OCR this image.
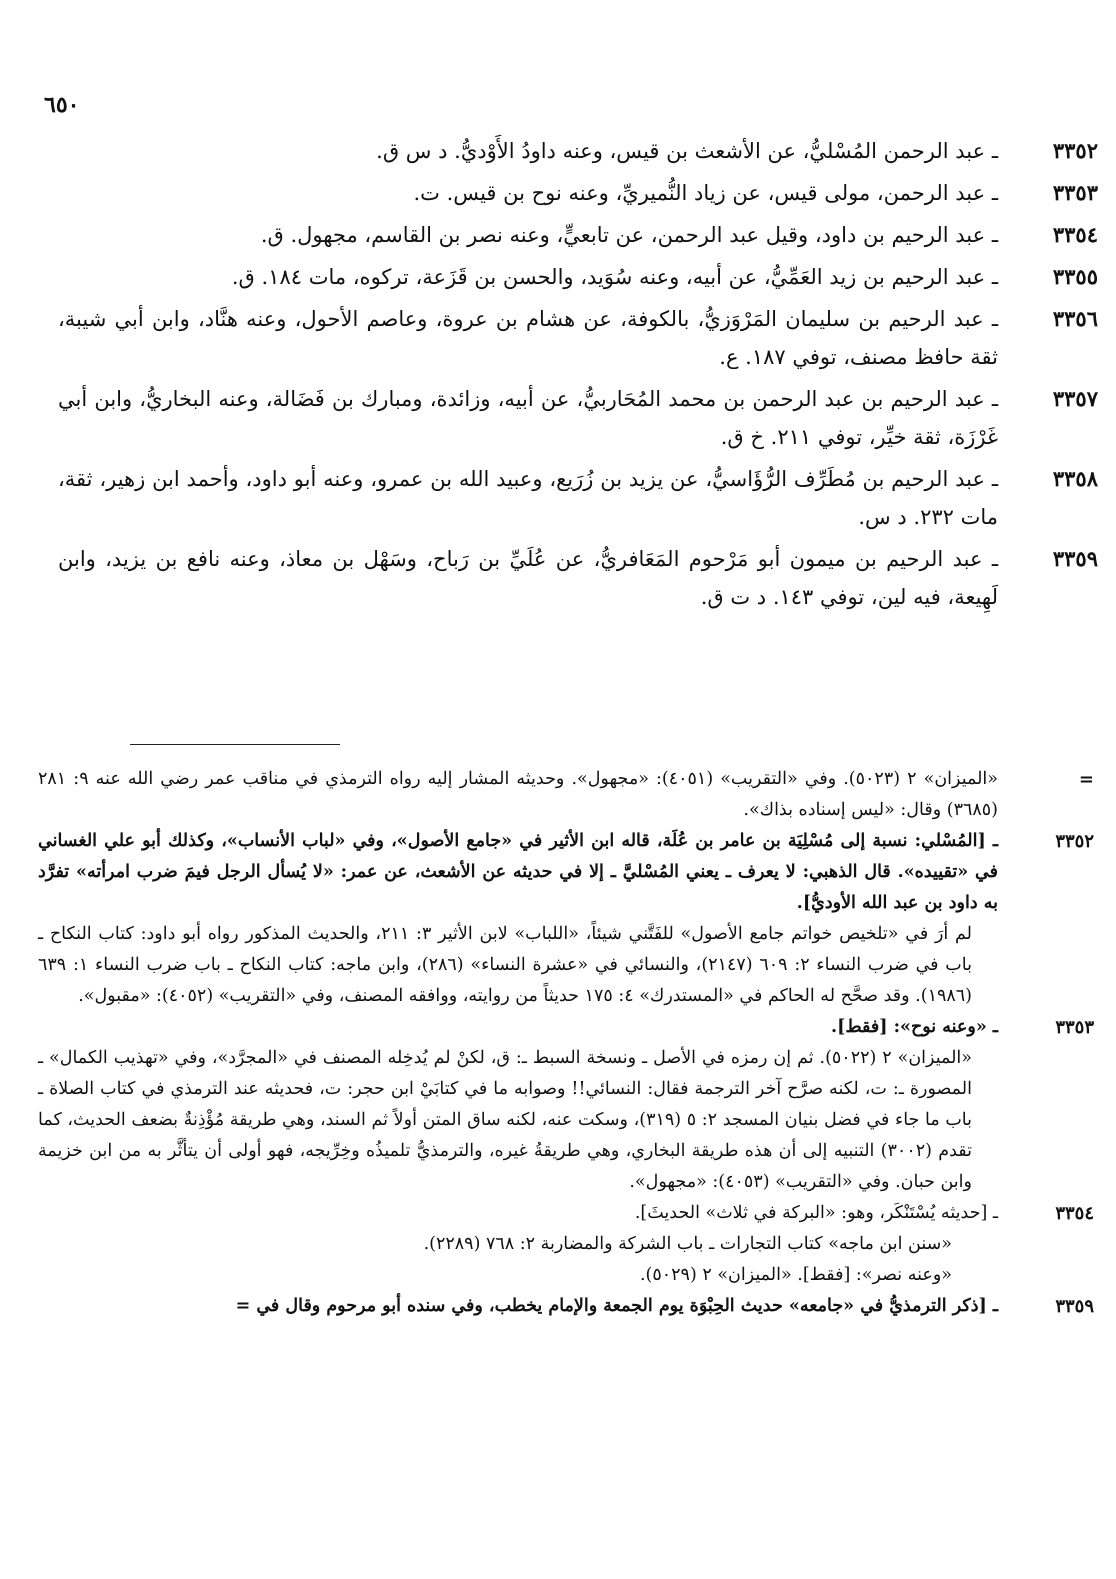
٦٥٠
٣٣٥٢
ـ عبد الرحمن المُسْليُّ، عن الأشعث بن قيس، وعنه داودُ الأَوْديُّ. د س ق.
٣٣٥٣
ـ عبد الرحمن، مولى قيس، عن زياد النُّميريِّ، وعنه نوح بن قيس. ت.
٣٣٥٤
ـ عبد الرحيم بن داود، وقيل عبد الرحمن، عن تابعيٍّ، وعنه نصر بن القاسم، مجهول. ق.
٣٣٥٥
ـ عبد الرحيم بن زيد العَمِّيُّ، عن أبيه، وعنه سُوَيد، والحسن بن قَزَعة، تركوه، مات ١٨٤. ق.
٣٣٥٦
ـ عبد الرحيم بن سليمان المَرْوَزيُّ، بالكوفة، عن هشام بن عروة، وعاصم الأحول، وعنه هنَّاد، وابن أبي شيبة، ثقة حافظ مصنف، توفي ١٨٧. ع.
٣٣٥٧
ـ عبد الرحيم بن عبد الرحمن بن محمد المُحَاربيُّ، عن أبيه، وزائدة، ومبارك بن فَضَالة، وعنه البخاريُّ، وابن أبي غَرْزَة، ثقة خيِّر، توفي ٢١١. خ ق.
٣٣٥٨
ـ عبد الرحيم بن مُطَرِّف الرُّؤَاسيُّ، عن يزيد بن زُرَيع، وعبيد الله بن عمرو، وعنه أبو داود، وأحمد ابن زهير، ثقة، مات ٢٣٢. د س.
٣٣٥٩
ـ عبد الرحيم بن ميمون أبو مَرْحوم المَعَافريُّ، عن عُلَيِّ بن رَباح، وسَهْل بن معاذ، وعنه نافع بن يزيد، وابن لَهِيعة، فيه لين، توفي ١٤٣. د ت ق.
=
«الميزان» ٢ (٥٠٢٣). وفي «التقريب» (٤٠٥١): «مجهول». وحديثه المشار إليه رواه الترمذي في مناقب عمر رضي الله عنه ٩: ٢٨١ (٣٦٨٥) وقال: «ليس إسناده بذاك».
٣٣٥٢
ـ [المُسْلي: نسبة إلى مُسْلِيَة بن عامر بن عُلَة، قاله ابن الأثير في «جامع الأصول»، وفي «لباب الأنساب»، وكذلك أبو علي الغساني في «تقييده». قال الذهبي: لا يعرف ـ يعني المُسْليَّ ـ إلا في حديثه عن الأشعث، عن عمر: «لا يُسأل الرجل فيمَ ضرب امرأته» تفرَّد به داود بن عبد الله الأوديُّ].
لم أرَ في «تلخيص خواتم جامع الأصول» للفَتَّني شيئاً، «اللباب» لابن الأثير ٣: ٢١١، والحديث المذكور رواه أبو داود: كتاب النكاح ـ باب في ضرب النساء ٢: ٦٠٩ (٢١٤٧)، والنسائي في «عشرة النساء» (٢٨٦)، وابن ماجه: كتاب النكاح ـ باب ضرب النساء ١: ٦٣٩ (١٩٨٦). وقد صحَّح له الحاكم في «المستدرك» ٤: ١٧٥ حديثاً من روايته، ووافقه المصنف، وفي «التقريب» (٤٠٥٢): «مقبول».
٣٣٥٣
ـ «وعنه نوح»: [فقط].
«الميزان» ٢ (٥٠٢٢). ثم إن رمزه في الأصل ـ ونسخة السبط ـ: ق، لكنْ لم يُدخِله المصنف في «المجرَّد»، وفي «تهذيب الكمال» ـ المصورة ـ: ت، لكنه صرَّح آخر الترجمة فقال: النسائي!! وصوابه ما في كتابَيْ ابن حجر: ت، فحديثه عند الترمذي في كتاب الصلاة ـ باب ما جاء في فضل بنيان المسجد ٢: ٥ (٣١٩)، وسكت عنه، لكنه ساق المتن أولاً ثم السند، وهي طريقة مُؤْذِنةٌ بضعف الحديث، كما تقدم (٣٠٠٢) التنبيه إلى أن هذه طريقة البخاري، وهي طريقةُ غيره، والترمذيُّ تلميذُه وخِرِّيجه، فهو أولى أن يتأثَّر به من ابن خزيمة وابن حبان. وفي «التقريب» (٤٠٥٣): «مجهول».
٣٣٥٤
ـ [حديثه يُسْتَنْكَر، وهو: «البركة في ثلاث» الحديثَ].
«سنن ابن ماجه» كتاب التجارات ـ باب الشركة والمضاربة ٢: ٧٦٨ (٢٢٨٩).
«وعنه نصر»: [فقط]. «الميزان» ٢ (٥٠٢٩).
٣٣٥٩
ـ [ذكر الترمذيُّ في «جامعه» حديث الحِبْوَة يوم الجمعة والإمام يخطب، وفي سنده أبو مرحوم وقال في =
